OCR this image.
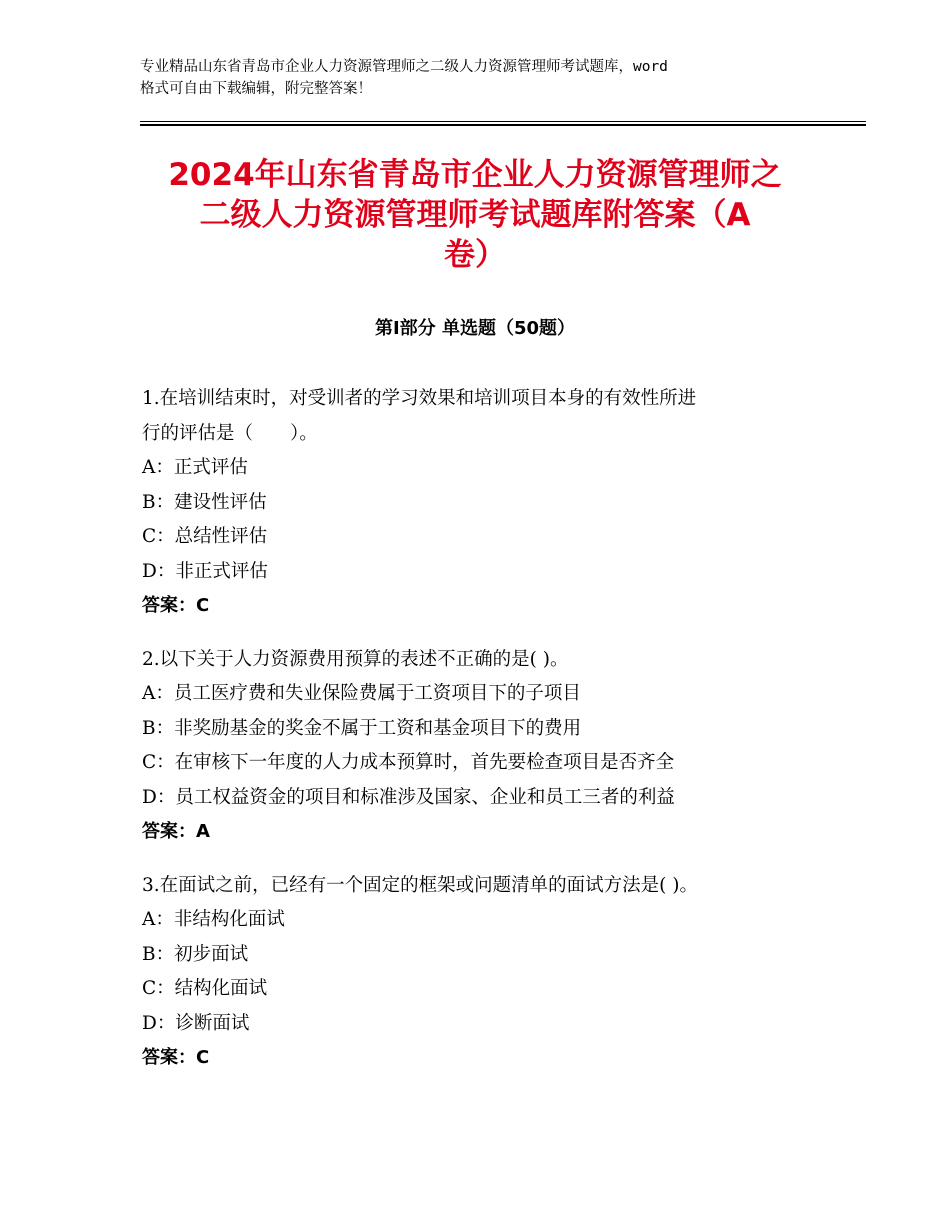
专业精品山东省青岛市企业人力资源管理师之二级人力资源管理师考试题库，word
格式可自由下载编辑，附完整答案！
2024年山东省青岛市企业人力资源管理师之
二级人力资源管理师考试题库附答案（A
卷）
第Ⅰ部分 单选题（50题）
1.在培训结束时，对受训者的学习效果和培训项目本身的有效性所进
行的评估是（　　）。
A：正式评估
B：建设性评估
C：总结性评估
D：非正式评估
答案：C
2.以下关于人力资源费用预算的表述不正确的是( )。
A：员工医疗费和失业保险费属于工资项目下的子项目
B：非奖励基金的奖金不属于工资和基金项目下的费用
C：在审核下一年度的人力成本预算时，首先要检查项目是否齐全
D：员工权益资金的项目和标准涉及国家、企业和员工三者的利益
答案：A
3.在面试之前，已经有一个固定的框架或问题清单的面试方法是( )。
A：非结构化面试
B：初步面试
C：结构化面试
D：诊断面试
答案：C
